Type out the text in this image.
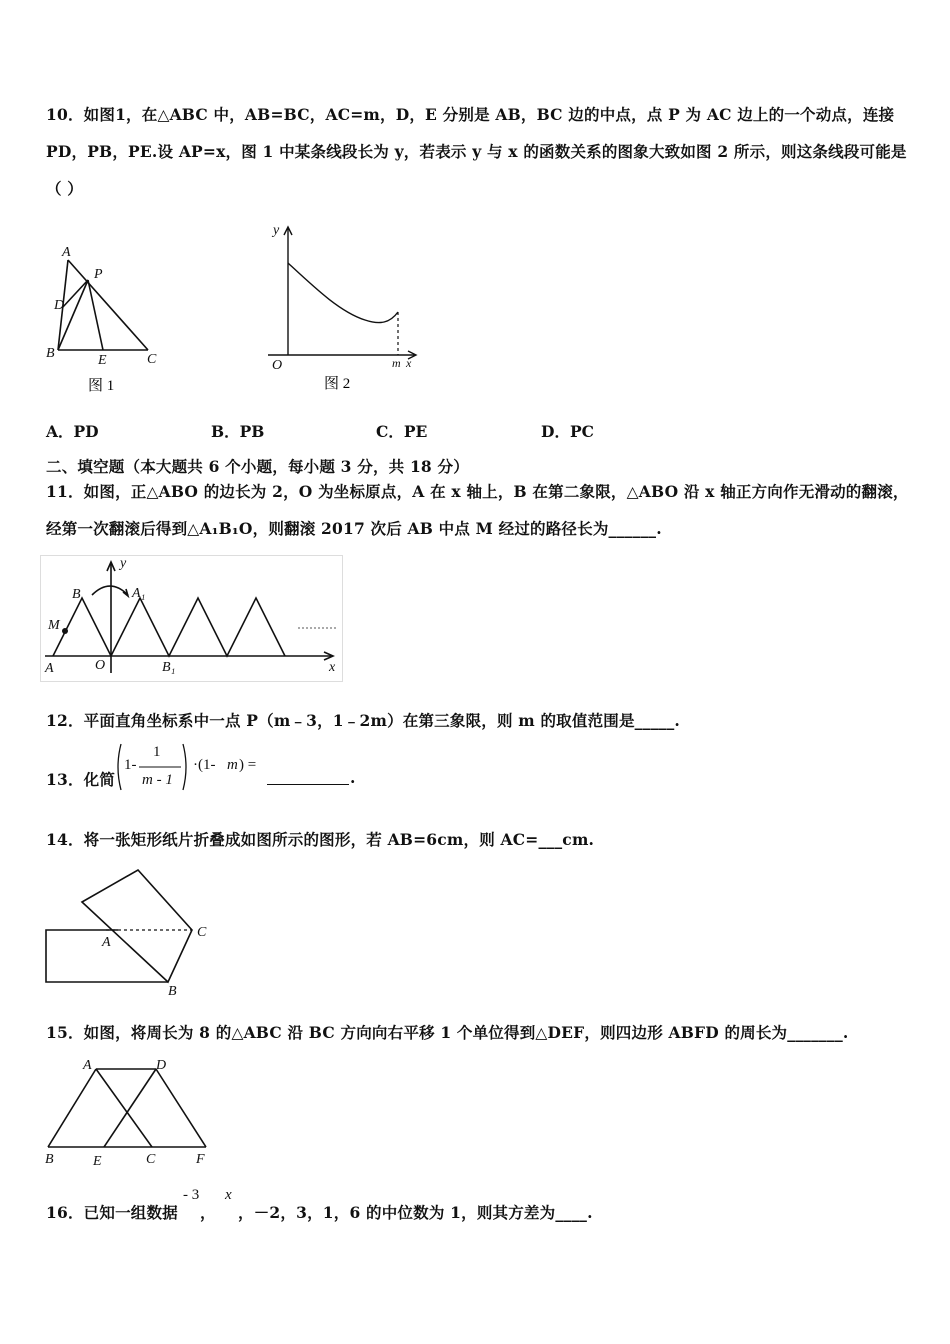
10．如图1，在△ABC 中，AB=BC，AC=m，D，E 分别是 AB，BC 边的中点，点 P 为 AC 边上的一个动点，连接
PD，PB，PE.设 AP=x，图 1 中某条线段长为 y，若表示 y 与 x 的函数关系的图象大致如图 2 所示，则这条线段可能是
（ ）
A
P
D
B	E	C
图 1
y
O	m x
图 2
A．PD	B．PB	C．PE	D．PC
二、填空题（本大题共 6 个小题，每小题 3 分，共 18 分）
11．如图，正△ABO 的边长为 2，O 为坐标原点，A 在 x 轴上，B 在第二象限，△ABO 沿 x 轴正方向作无滑动的翻滚，
经第一次翻滚后得到△A₁B₁O，则翻滚 2017 次后 AB 中点 M 经过的路径长为______.
y
B	A₁
M
A	O	B₁	x
12．平面直角坐标系中一点 P（m﹣3，1﹣2m）在第三象限，则 m 的取值范围是_____.
13．化简
1-
1
m - 1
·(1- m ) =
.
14．将一张矩形纸片折叠成如图所示的图形，若 AB=6cm，则 AC=___cm.
A
B
C
15．如图，将周长为 8 的△ABC 沿 BC 方向向右平移 1 个单位得到△DEF，则四边形 ABFD 的周长为_______.
A	D
B	E	C	F
16．已知一组数据
- 3
，
x
，－2，3，1，6 的中位数为 1，则其方差为____.
